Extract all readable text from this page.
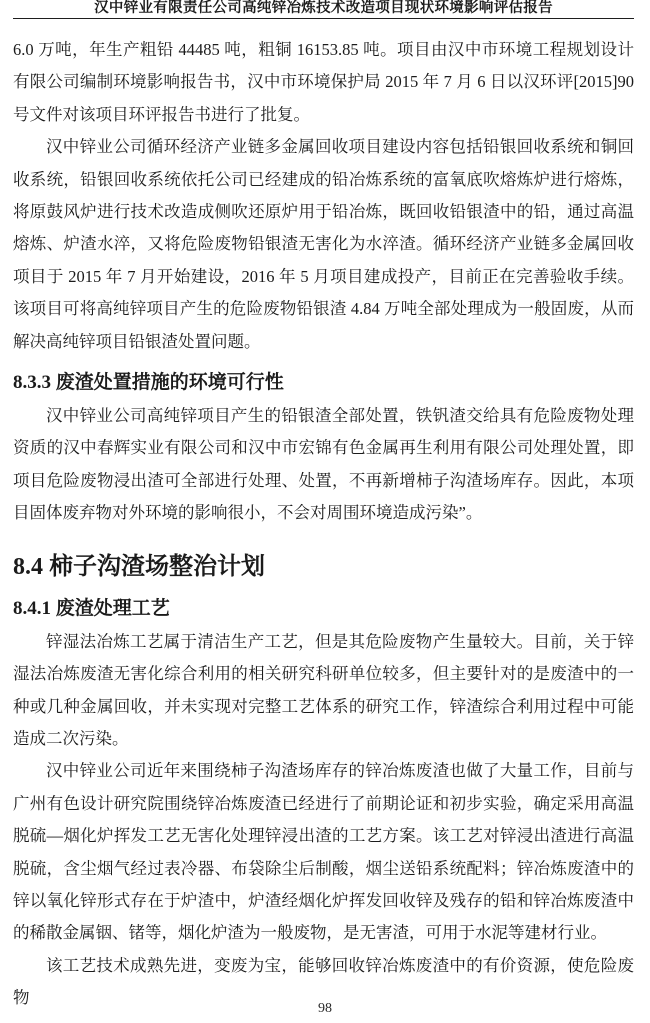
汉中锌业有限责任公司高纯锌冶炼技术改造项目现状环境影响评估报告

6.0 万吨，年生产粗铅 44485 吨，粗铜 16153.85 吨。项目由汉中市环境工程规划设计有限公司编制环境影响报告书，汉中市环境保护局 2015 年 7 月 6 日以汉环评[2015]90 号文件对该项目环评报告书进行了批复。

汉中锌业公司循环经济产业链多金属回收项目建设内容包括铅银回收系统和铜回收系统，铅银回收系统依托公司已经建成的铅冶炼系统的富氧底吹熔炼炉进行熔炼，将原鼓风炉进行技术改造成侧吹还原炉用于铅冶炼，既回收铅银渣中的铅，通过高温熔炼、炉渣水淬，又将危险废物铅银渣无害化为水淬渣。循环经济产业链多金属回收项目于 2015 年 7 月开始建设，2016 年 5 月项目建成投产，目前正在完善验收手续。该项目可将高纯锌项目产生的危险废物铅银渣 4.84 万吨全部处理成为一般固废，从而解决高纯锌项目铅银渣处置问题。

8.3.3 废渣处置措施的环境可行性

汉中锌业公司高纯锌项目产生的铅银渣全部处置，铁钒渣交给具有危险废物处理资质的汉中春辉实业有限公司和汉中市宏锦有色金属再生利用有限公司处理处置，即项目危险废物浸出渣可全部进行处理、处置，不再新增柿子沟渣场库存。因此，本项目固体废弃物对外环境的影响很小，不会对周围环境造成污染”。

8.4 柿子沟渣场整治计划
8.4.1 废渣处理工艺

锌湿法冶炼工艺属于清洁生产工艺，但是其危险废物产生量较大。目前，关于锌湿法冶炼废渣无害化综合利用的相关研究科研单位较多，但主要针对的是废渣中的一种或几种金属回收，并未实现对完整工艺体系的研究工作，锌渣综合利用过程中可能造成二次污染。

汉中锌业公司近年来围绕柿子沟渣场库存的锌冶炼废渣也做了大量工作，目前与广州有色设计研究院围绕锌冶炼废渣已经进行了前期论证和初步实验，确定采用高温脱硫—烟化炉挥发工艺无害化处理锌浸出渣的工艺方案。该工艺对锌浸出渣进行高温脱硫，含尘烟气经过表冷器、布袋除尘后制酸，烟尘送铅系统配料；锌冶炼废渣中的锌以氧化锌形式存在于炉渣中，炉渣经烟化炉挥发回收锌及残存的铅和锌冶炼废渣中的稀散金属铟、锗等，烟化炉渣为一般废物，是无害渣，可用于水泥等建材行业。

该工艺技术成熟先进，变废为宝，能够回收锌冶炼废渣中的有价资源，使危险废物

98
